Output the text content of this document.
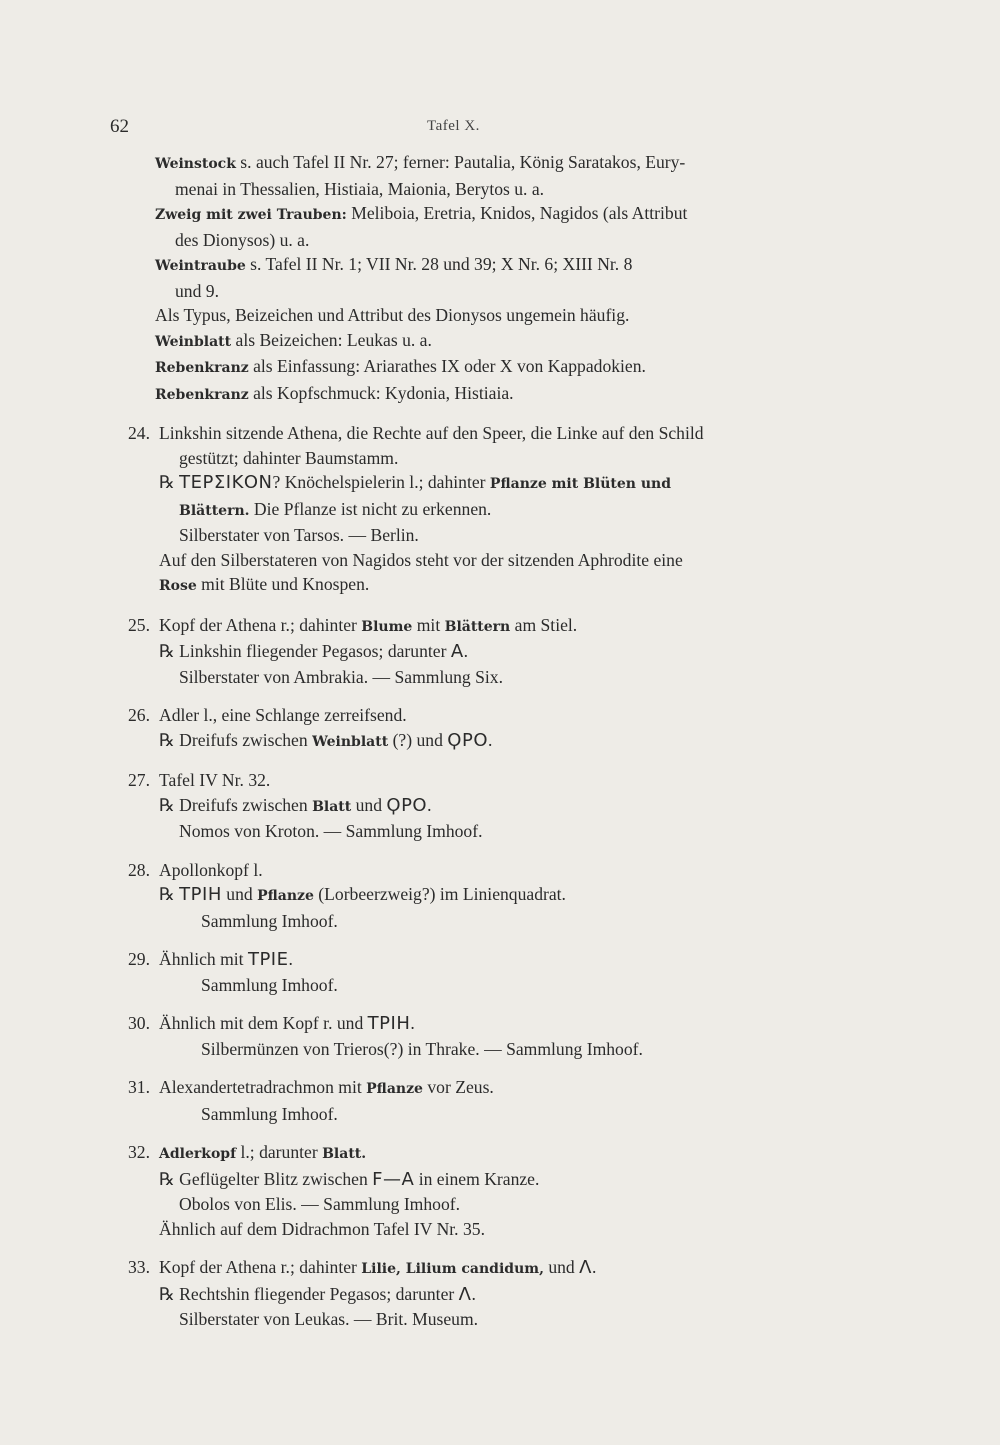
62	Tafel X.
Weinstock s. auch Tafel II Nr. 27; ferner: Pautalia, König Saratakos, Eury-
menai in Thessalien, Histiaia, Maionia, Berytos u. a.
Zweig mit zwei Trauben: Meliboia, Eretria, Knidos, Nagidos (als Attribut
des Dionysos) u. a.
Weintraube s. Tafel II Nr. 1; VII Nr. 28 und 39; X Nr. 6; XIII Nr. 8
und 9.
Als Typus, Beizeichen und Attribut des Dionysos ungemein häufig.
Weinblatt als Beizeichen: Leukas u. a.
Rebenkranz als Einfassung: Ariarathes IX oder X von Kappadokien.
Rebenkranz als Kopfschmuck: Kydonia, Histiaia.
24. Linkshin sitzende Athena, die Rechte auf den Speer, die Linke auf den Schild
gestützt; dahinter Baumstamm.
℞ ΤΕΡΣΙΚΟΝ? Knöchelspielerin l.; dahinter Pflanze mit Blüten und
Blättern. Die Pflanze ist nicht zu erkennen.
Silberstater von Tarsos. — Berlin.
Auf den Silberstateren von Nagidos steht vor der sitzenden Aphrodite eine
Rose mit Blüte und Knospen.
25. Kopf der Athena r.; dahinter Blume mit Blättern am Stiel.
℞ Linkshin fliegender Pegasos; darunter Α.
Silberstater von Ambrakia. — Sammlung Six.
26. Adler l., eine Schlange zerreifsend.
℞ Dreifufs zwischen Weinblatt (?) und ϘΡΟ.
27. Tafel IV Nr. 32.
℞ Dreifufs zwischen Blatt und ϘΡΟ.
Nomos von Kroton. — Sammlung Imhoof.
28. Apollonkopf l.
℞ ΤΡΙΗ und Pflanze (Lorbeerzweig?) im Linienquadrat.
Sammlung Imhoof.
29. Ähnlich mit ΤΡΙΕ.
Sammlung Imhoof.
30. Ähnlich mit dem Kopf r. und ΤΡΙΗ.
Silbermünzen von Trieros(?) in Thrake. — Sammlung Imhoof.
31. Alexandertetradrachmon mit Pflanze vor Zeus.
Sammlung Imhoof.
32. Adlerkopf l.; darunter Blatt.
℞ Geflügelter Blitz zwischen Ϝ—Α in einem Kranze.
Obolos von Elis. — Sammlung Imhoof.
Ähnlich auf dem Didrachmon Tafel IV Nr. 35.
33. Kopf der Athena r.; dahinter Lilie, Lilium candidum, und Λ.
℞ Rechtshin fliegender Pegasos; darunter Λ.
Silberstater von Leukas. — Brit. Museum.
